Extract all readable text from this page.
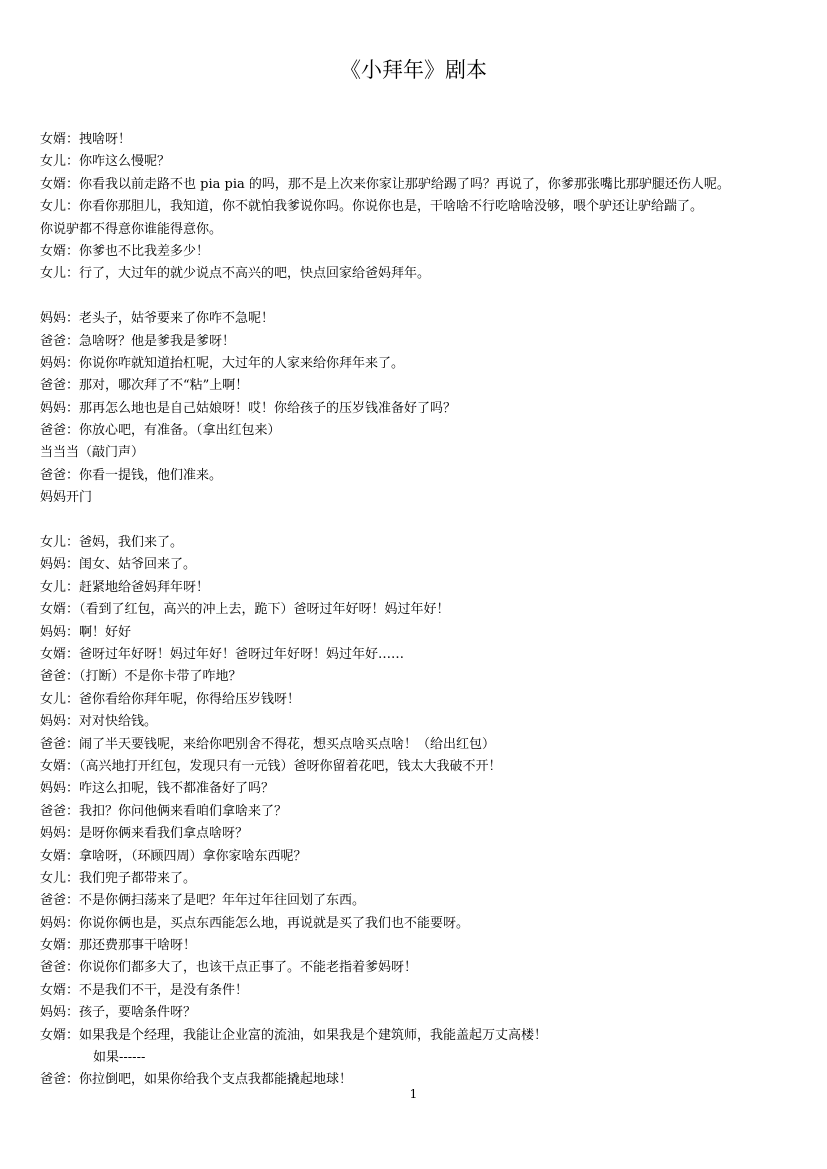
《小拜年》剧本
女婿：拽啥呀！
女儿：你咋这么慢呢？
女婿：你看我以前走路不也 pia pia 的吗，那不是上次来你家让那驴给踢了吗？再说了，你爹那张嘴比那驴腿还伤人呢。
女儿：你看你那胆儿，我知道，你不就怕我爹说你吗。你说你也是，干啥啥不行吃啥啥没够，喂个驴还让驴给踹了。
你说驴都不得意你谁能得意你。
女婿：你爹也不比我差多少！
女儿：行了，大过年的就少说点不高兴的吧，快点回家给爸妈拜年。
妈妈：老头子，姑爷要来了你咋不急呢！
爸爸：急啥呀？他是爹我是爹呀！
妈妈：你说你咋就知道抬杠呢，大过年的人家来给你拜年来了。
爸爸：那对，哪次拜了不“粘”上啊！
妈妈：那再怎么地也是自己姑娘呀！哎！你给孩子的压岁钱准备好了吗？
爸爸：你放心吧，有准备。（拿出红包来）
当当当（敲门声）
爸爸：你看一提钱，他们准来。
妈妈开门
女儿：爸妈，我们来了。
妈妈：闺女、姑爷回来了。
女儿：赶紧地给爸妈拜年呀！
女婿：（看到了红包，高兴的冲上去，跪下）爸呀过年好呀！妈过年好！
妈妈：啊！好好
女婿：爸呀过年好呀！妈过年好！爸呀过年好呀！妈过年好……
爸爸：（打断）不是你卡带了咋地？
女儿：爸你看给你拜年呢，你得给压岁钱呀！
妈妈：对对快给钱。
爸爸：闹了半天要钱呢，来给你吧别舍不得花，想买点啥买点啥！（给出红包）
女婿：（高兴地打开红包，发现只有一元钱）爸呀你留着花吧，钱太大我破不开！
妈妈：咋这么扣呢，钱不都准备好了吗？
爸爸：我扣？你问他俩来看咱们拿啥来了？
妈妈：是呀你俩来看我们拿点啥呀？
女婿：拿啥呀，（环顾四周）拿你家啥东西呢？
女儿：我们兜子都带来了。
爸爸：不是你俩扫荡来了是吧？年年过年往回划了东西。
妈妈：你说你俩也是，买点东西能怎么地，再说就是买了我们也不能要呀。
女婿：那还费那事干啥呀！
爸爸：你说你们都多大了，也该干点正事了。不能老指着爹妈呀！
女婿：不是我们不干，是没有条件！
妈妈：孩子，要啥条件呀？
女婿：如果我是个经理，我能让企业富的流油，如果我是个建筑师，我能盖起万丈高楼！
如果------
爸爸：你拉倒吧，如果你给我个支点我都能撬起地球！
1
